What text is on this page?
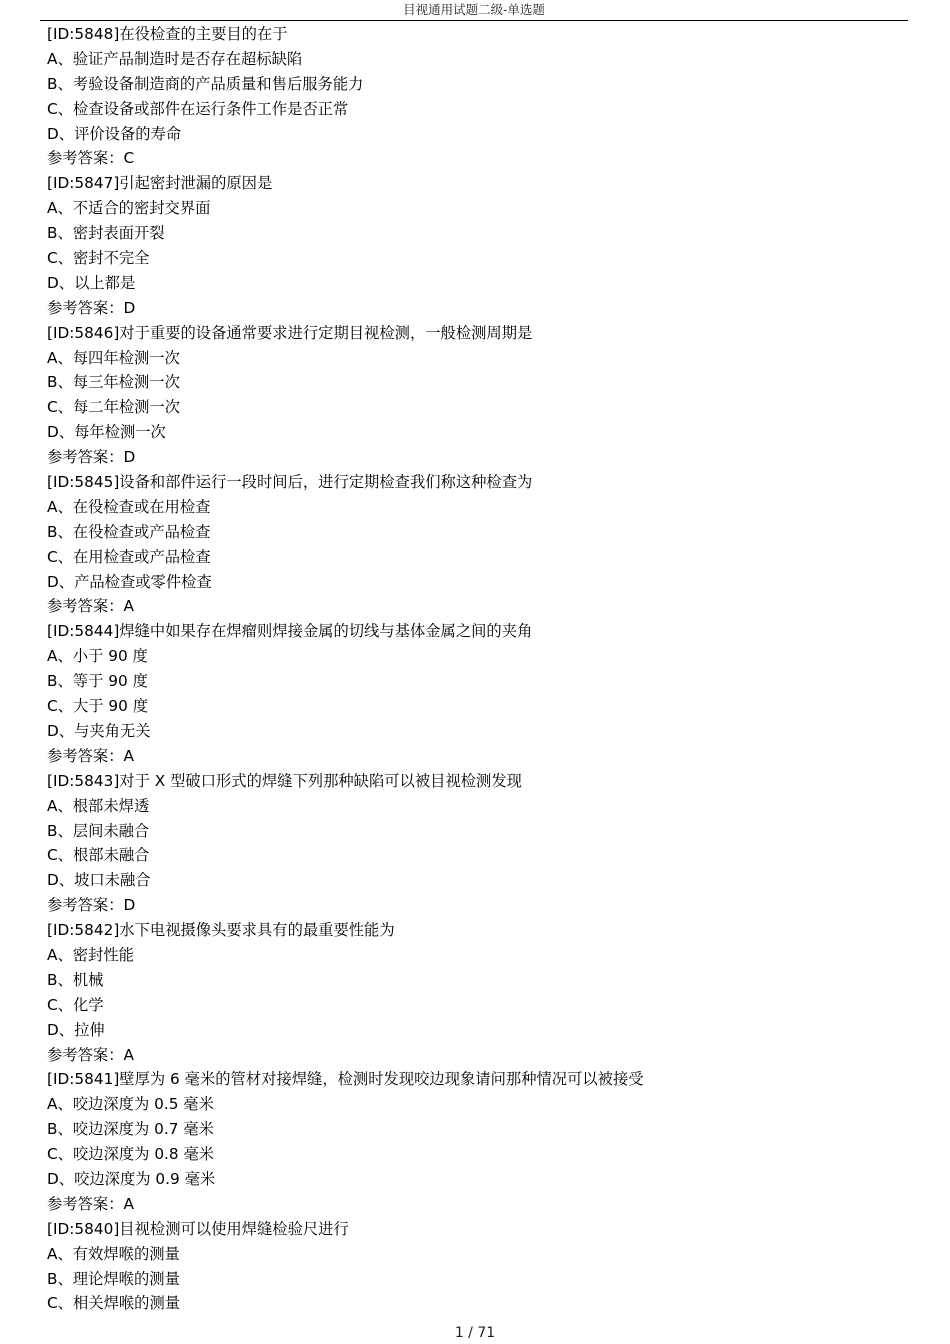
目视通用试题二级-单选题
[ID:5848]在役检查的主要目的在于
A、验证产品制造时是否存在超标缺陷
B、考验设备制造商的产品质量和售后服务能力
C、检查设备或部件在运行条件工作是否正常
D、评价设备的寿命
参考答案：C
[ID:5847]引起密封泄漏的原因是
A、不适合的密封交界面
B、密封表面开裂
C、密封不完全
D、以上都是
参考答案：D
[ID:5846]对于重要的设备通常要求进行定期目视检测，一般检测周期是
A、每四年检测一次
B、每三年检测一次
C、每二年检测一次
D、每年检测一次
参考答案：D
[ID:5845]设备和部件运行一段时间后，进行定期检查我们称这种检查为
A、在役检查或在用检查
B、在役检查或产品检查
C、在用检查或产品检查
D、产品检查或零件检查
参考答案：A
[ID:5844]焊缝中如果存在焊瘤则焊接金属的切线与基体金属之间的夹角
A、小于 90 度
B、等于 90 度
C、大于 90 度
D、与夹角无关
参考答案：A
[ID:5843]对于 X 型破口形式的焊缝下列那种缺陷可以被目视检测发现
A、根部未焊透
B、层间未融合
C、根部未融合
D、坡口未融合
参考答案：D
[ID:5842]水下电视摄像头要求具有的最重要性能为
A、密封性能
B、机械
C、化学
D、拉伸
参考答案：A
[ID:5841]壁厚为 6 毫米的管材对接焊缝，检测时发现咬边现象请问那种情况可以被接受
A、咬边深度为 0.5 毫米
B、咬边深度为 0.7 毫米
C、咬边深度为 0.8 毫米
D、咬边深度为 0.9 毫米
参考答案：A
[ID:5840]目视检测可以使用焊缝检验尺进行
A、有效焊喉的测量
B、理论焊喉的测量
C、相关焊喉的测量
1 / 71
